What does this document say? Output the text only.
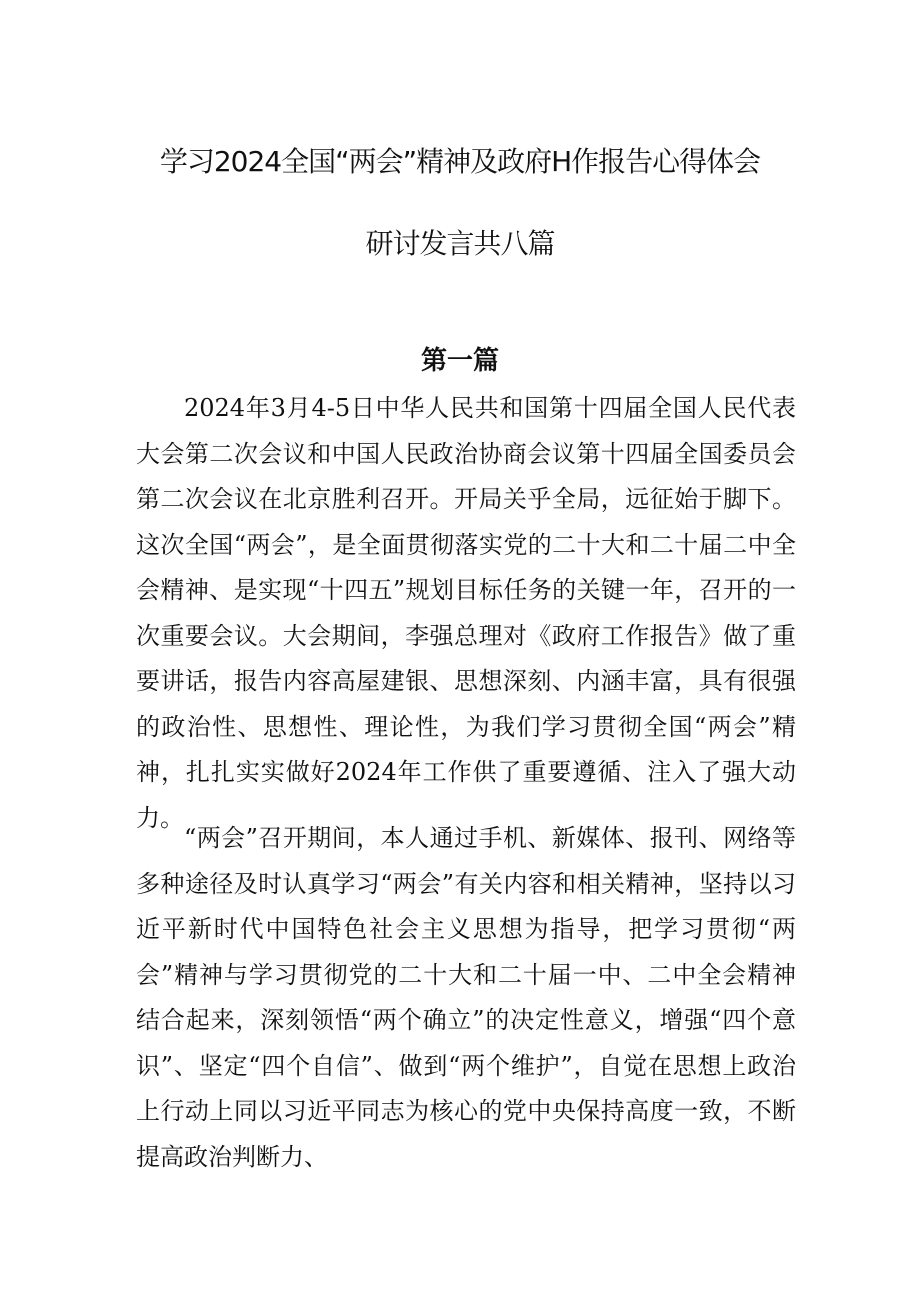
学习2024全国“两会”精神及政府H作报告心得体会
研讨发言共八篇
第一篇

2024年3月4-5日中华人民共和国第十四届全国人民代表大会第二次会议和中国人民政治协商会议第十四届全国委员会第二次会议在北京胜利召开。开局关乎全局，远征始于脚下。这次全国“两会”，是全面贯彻落实党的二十大和二十届二中全会精神、是实现“十四五”规划目标任务的关键一年，召开的一次重要会议。大会期间，李强总理对《政府工作报告》做了重要讲话，报告内容高屋建银、思想深刻、内涵丰富，具有很强的政治性、思想性、理论性，为我们学习贯彻全国“两会”精神，扎扎实实做好2024年工作供了重要遵循、注入了强大动力。

“两会”召开期间，本人通过手机、新媒体、报刊、网络等多种途径及时认真学习“两会”有关内容和相关精神，坚持以习近平新时代中国特色社会主义思想为指导，把学习贯彻“两会”精神与学习贯彻党的二十大和二十届一中、二中全会精神结合起来，深刻领悟“两个确立”的决定性意义，增强“四个意识”、坚定“四个自信”、做到“两个维护”，自觉在思想上政治上行动上同以习近平同志为核心的党中央保持高度一致，不断提高政治判断力、
